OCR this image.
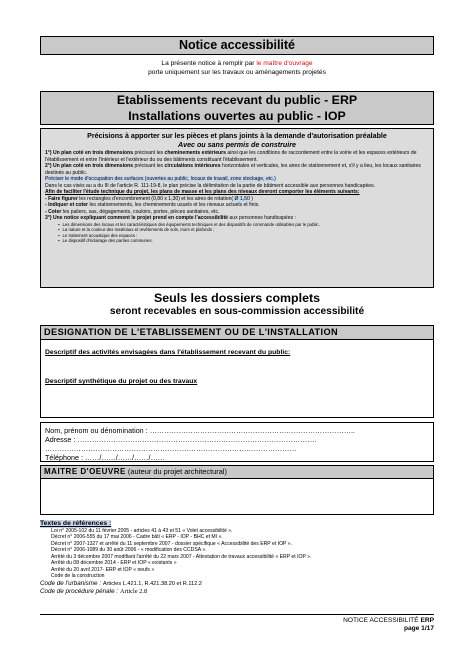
Notice accessibilité
La présente notice à remplir par le maître d'ouvrage
porte uniquement sur les travaux ou aménagements projetés
Etablissements recevant du public - ERP
Installations ouvertes au public - IOP
Précisions à apporter sur les pièces et plans joints à la demande d'autorisation préalable
Avec ou sans permis de construire

1°) Un plan coté en trois dimensions précisant les cheminements extérieurs ainsi que les conditions de raccordement entre la voirie et les espaces extérieurs de l'établissement et entre l'intérieur et l'extérieur du ou des bâtiments constituant l'établissement.

2°) Un plan coté en trois dimensions précisant les circulations intérieures horizontales et verticales, les aires de stationnement et, s'il y a lieu, les locaux sanitaires destinés au public.

Préciser le mode d'occupation des surfaces (ouvertes au public, locaux de travail, zone stockage, etc.)

Dans le cas visés au a du III de l'article R. 111-19-8, le plan précise la délimitation de la partie de bâtiment accessible aux personnes handicapées.

Afin de faciliter l'étude technique du projet, les plans de masse et les plans des niveaux devront comporter les éléments suivants:

- Faire figurer les rectangles d'encombrement (0,80 x 1,30) et les aires de rotation( Ø 1,50 )

- Indiquer et coter les stationnements, les cheminements usuels et les niveaux actuels et finis.

- Coter les paliers, sas, dégagements, couloirs, portes, pièces sanitaires, etc.

3°) Une notice expliquant comment le projet prend en compte l'accessibilité aux personnes handicapées :

▪ Les dimensions des locaux et les caractéristiques des équipements techniques et des dispositifs de commande utilisables par le public.
▪ La nature et la couleur des matériaux et revêtements de sols, murs et plafonds ;
▪ Le traitement acoustique des espaces :
▪ Le dispositif d'éclairage des parties communes.
Seuls les dossiers complets
seront recevables en sous-commission accessibilité
DESIGNATION DE L'ETABLISSEMENT OU DE L'INSTALLATION
Descriptif des activités envisagées dans l'établissement recevant du public:
Descriptif synthétique du projet ou des travaux
Nom, prénom ou dénomination : …………………………………………………………………………..
Adresse : ……………………………………………………………………………………….
……………………………………………………………………………………………
Téléphone : ……/……/……/……/……
MAITRE D'OEUVRE (auteur du projet architectural)
Textes de références :
Loi n° 2005-102 du 11 février 2005 - articles 41 à 43 et 51 « Volet accessibilité ».
Décret n° 2006-555 du 17 mai 2006 - Cadre bâti « ERP - IOP - BHC et MI ».
Décret n° 2007-1327 et arrêté du 11 septembre 2007 - dossier spécifique « Accessibilité des ERP et IOP ».
Décret n° 2006-1089 du 30 août 2006 - « modification des CCDSA ».
Arrêté du 3 décembre 2007 modifiant l'arrêté du 22 mars 2007 - Attestation de travaux accessibilité « ERP et IOP ».
Arrêté du 08 décembre 2014 - ERP et IOP « existants »
Arrêté du 20 avril 2017- ERP et IOP « neufs »
Code de la construction
Code de l'urbanisme : Articles L.421.1, R.421.38.20 et R.112.2
Code de procédure pénale : Article 2.8
NOTICE ACCESSIBILITÉ ERP
page 1/17
